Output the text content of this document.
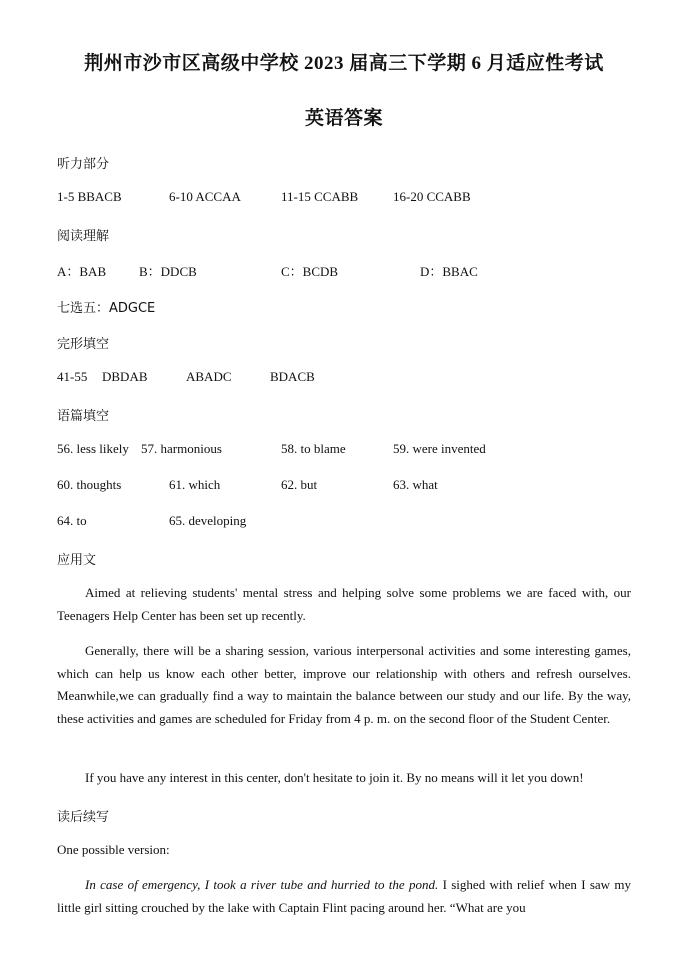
荆州市沙市区高级中学校 2023 届高三下学期 6 月适应性考试
英语答案
听力部分
1-5 BBACB	6-10 ACCAA	11-15 CCABB	16-20 CCABB
阅读理解
A：BAB	B：DDCB	C：BCDB	D：BBAC
七选五：ADGCE
完形填空
41-55 DBDAB	ABADC	BDACB
语篇填空
56. less likely 57. harmonious	58. to blame	59. were invented
60. thoughts	61. which	62. but	63. what
64. to	65. developing
应用文
Aimed at relieving students' mental stress and helping solve some problems we are faced with, our Teenagers Help Center has been set up recently.
Generally, there will be a sharing session, various interpersonal activities and some interesting games, which can help us know each other better, improve our relationship with others and refresh ourselves. Meanwhile,we can gradually find a way to maintain the balance between our study and our life. By the way, these activities and games are scheduled for Friday from 4 p. m. on the second floor of the Student Center.
If you have any interest in this center, don't hesitate to join it. By no means will it let you down!
读后续写
One possible version:
In case of emergency, I took a river tube and hurried to the pond. I sighed with relief when I saw my little girl sitting crouched by the lake with Captain Flint pacing around her. “What are you
